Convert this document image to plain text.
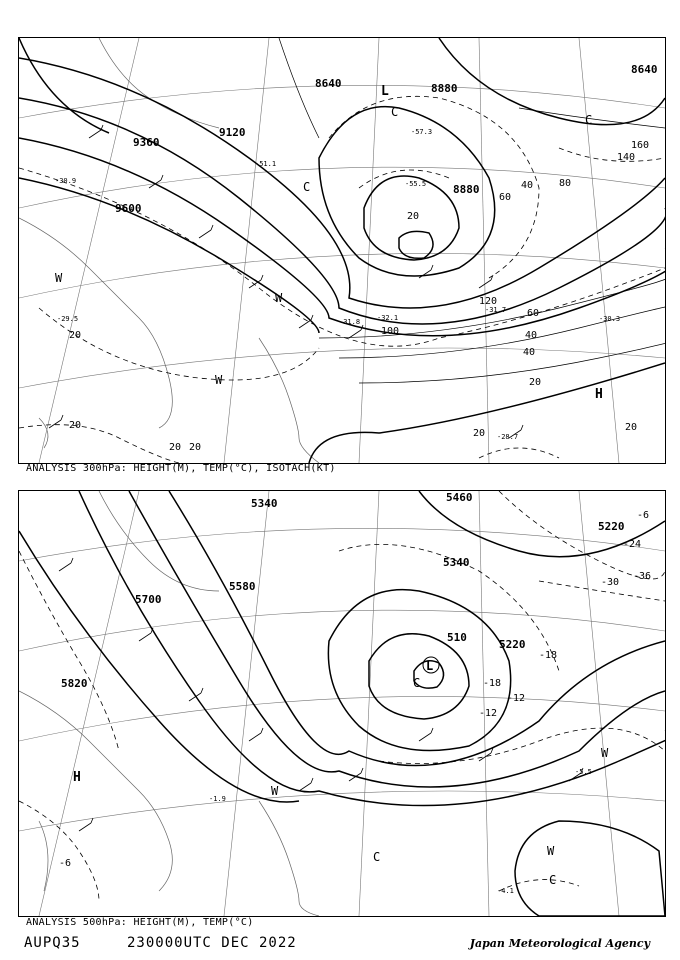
8640
8880
9120
9360
9600
8640
8880
20
40
60
80
100
120
140
160
20
20
40
20
20
20
20
60
40
20
-55.5
-57.3
-51.1
-30.9
-29.5
-28.7
-30.3
-31.7
-31.8 -32.1
L
C
C
C
W
W
W
H
ANALYSIS 300hPa: HEIGHT(M), TEMP(°C), ISOTACH(KT)
5340	5460
5220
5580
5700
5820
5340
5220
510
-6
-12
-18
-24
-30
-36
-18
-12
-6
-5.5
-4.1
-1.9
L
C
C
C
W
W
H
W
ANALYSIS 500hPa: HEIGHT(M), TEMP(°C)
AUPQ35	230000UTC DEC 2022	Japan Meteorological Agency
